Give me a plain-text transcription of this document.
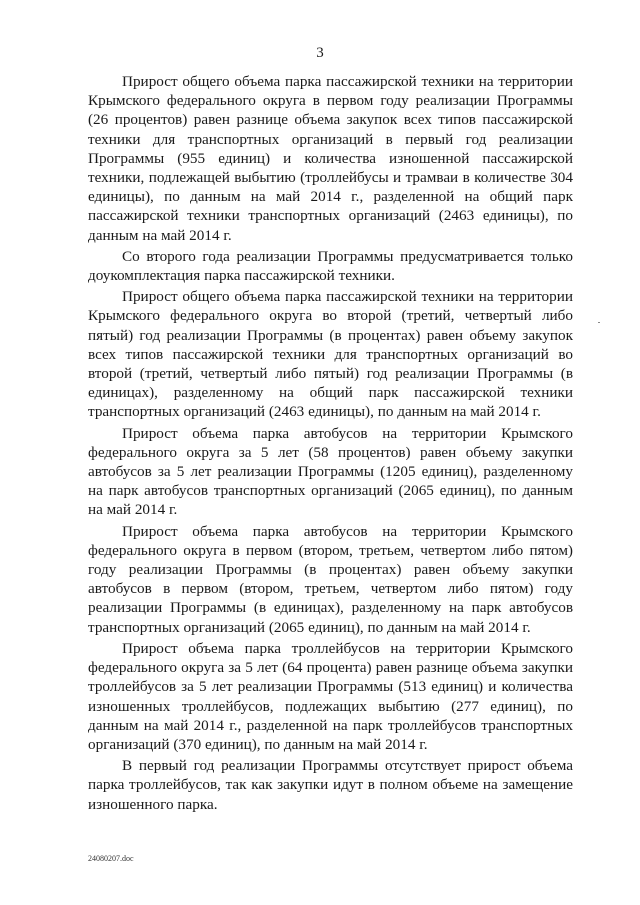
3

Прирост общего объема парка пассажирской техники на территории Крымского федерального округа в первом году реализации Программы (26 процентов) равен разнице объема закупок всех типов пассажирской техники для транспортных организаций в первый год реализации Программы (955 единиц) и количества изношенной пассажирской техники, подлежащей выбытию (троллейбусы и трамваи в количестве 304 единицы), по данным на май 2014 г., разделенной на общий парк пассажирской техники транспортных организаций (2463 единицы), по данным на май 2014 г.

Со второго года реализации Программы предусматривается только доукомплектация парка пассажирской техники.

Прирост общего объема парка пассажирской техники на территории Крымского федерального округа во второй (третий, четвертый либо пятый) год реализации Программы (в процентах) равен объему закупок всех типов пассажирской техники для транспортных организаций во второй (третий, четвертый либо пятый) год реализации Программы (в единицах), разделенному на общий парк пассажирской техники транспортных организаций (2463 единицы), по данным на май 2014 г.

Прирост объема парка автобусов на территории Крымского федерального округа за 5 лет (58 процентов) равен объему закупки автобусов за 5 лет реализации Программы (1205 единиц), разделенному на парк автобусов транспортных организаций (2065 единиц), по данным на май 2014 г.

Прирост объема парка автобусов на территории Крымского федерального округа в первом (втором, третьем, четвертом либо пятом) году реализации Программы (в процентах) равен объему закупки автобусов в первом (втором, третьем, четвертом либо пятом) году реализации Программы (в единицах), разделенному на парк автобусов транспортных организаций (2065 единиц), по данным на май 2014 г.

Прирост объема парка троллейбусов на территории Крымского федерального округа за 5 лет (64 процента) равен разнице объема закупки троллейбусов за 5 лет реализации Программы (513 единиц) и количества изношенных троллейбусов, подлежащих выбытию (277 единиц), по данным на май 2014 г., разделенной на парк троллейбусов транспортных организаций (370 единиц), по данным на май 2014 г.

В первый год реализации Программы отсутствует прирост объема парка троллейбусов, так как закупки идут в полном объеме на замещение изношенного парка.

24080207.doc
